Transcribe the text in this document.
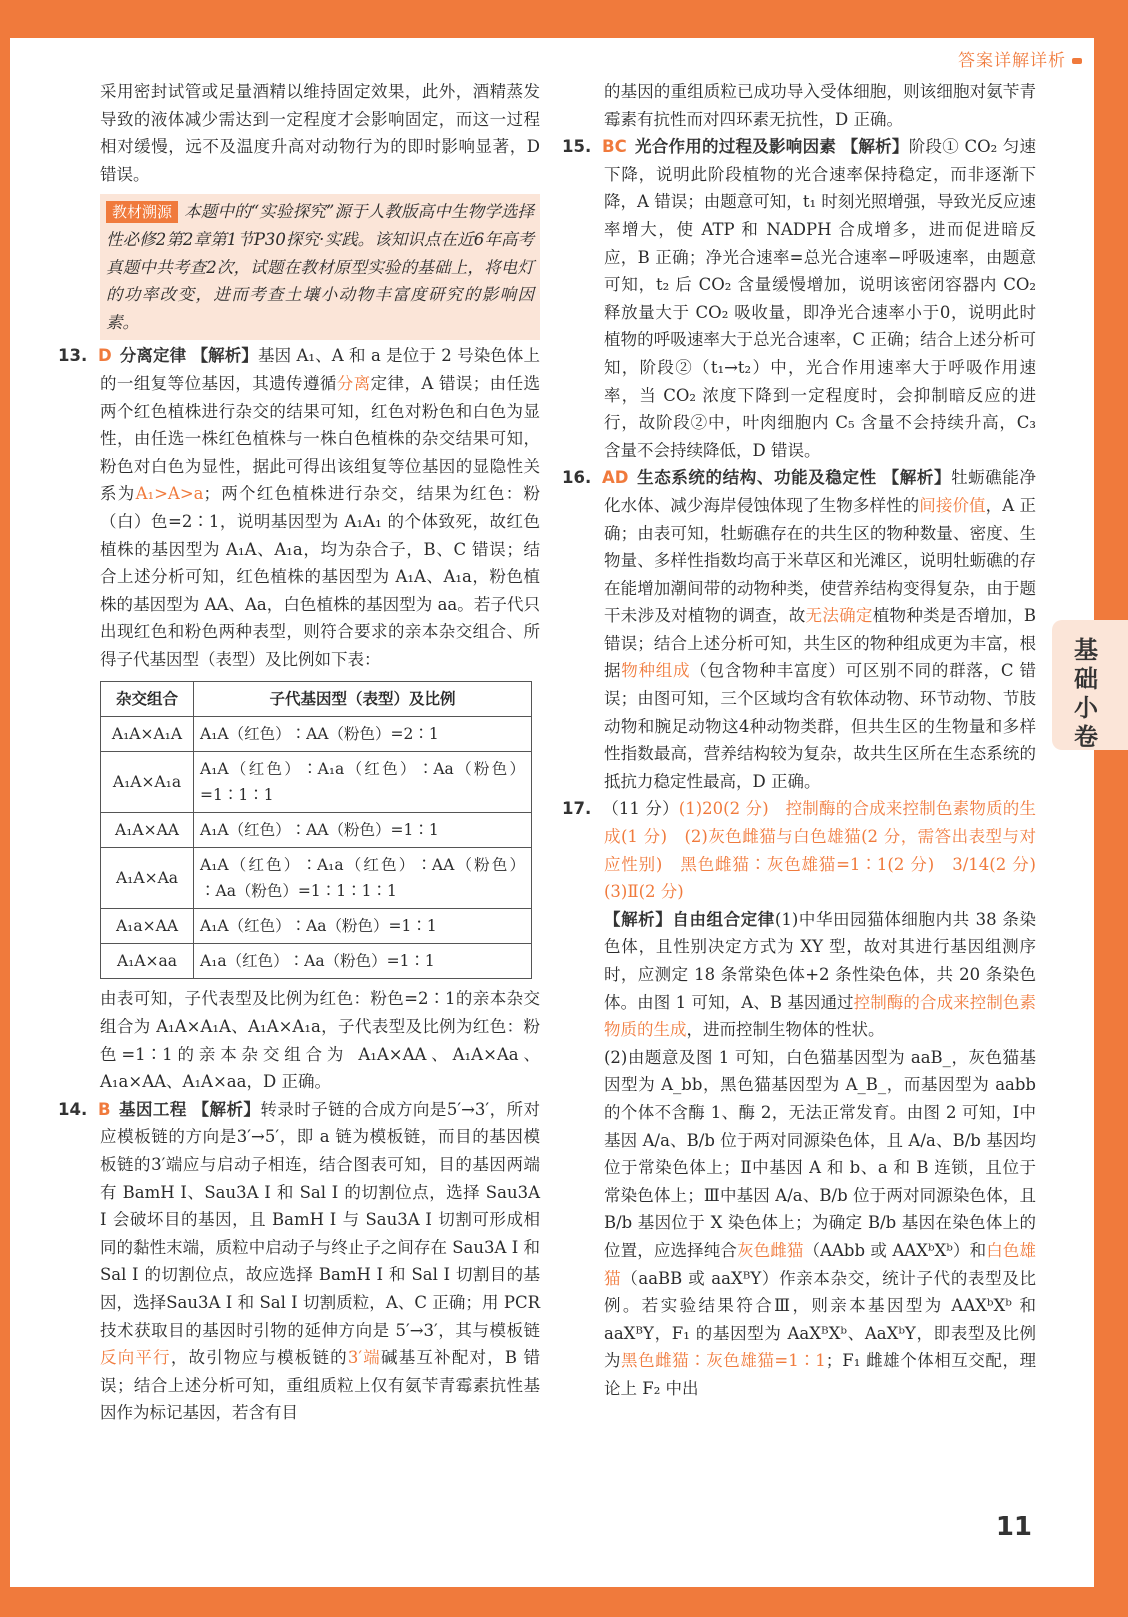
答案详解详析
基础小卷

采用密封试管或足量酒精以维持固定效果，此外，酒精蒸发导致的液体减少需达到一定程度才会影响固定，而这一过程相对缓慢，远不及温度升高对动物行为的即时影响显著，D 错误。

教材溯源 本题中的“实验探究”源于人教版高中生物学选择性必修2第2章第1节P30探究·实践。该知识点在近6年高考真题中共考查2次，试题在教材原型实验的基础上，将电灯的功率改变，进而考查土壤小动物丰富度研究的影响因素。

13. D 分离定律 【解析】基因 A₁、A 和 a 是位于 2 号染色体上的一组复等位基因，其遗传遵循分离定律，A 错误；由任选两个红色植株进行杂交的结果可知，红色对粉色和白色为显性，由任选一株红色植株与一株白色植株的杂交结果可知，粉色对白色为显性，据此可得出该组复等位基因的显隐性关系为A₁>A>a；两个红色植株进行杂交，结果为红色：粉（白）色=2∶1，说明基因型为 A₁A₁ 的个体致死，故红色植株的基因型为 A₁A、A₁a，均为杂合子，B、C 错误；结合上述分析可知，红色植株的基因型为 A₁A、A₁a，粉色植株的基因型为 AA、Aa，白色植株的基因型为 aa。若子代只出现红色和粉色两种表型，则符合要求的亲本杂交组合、所得子代基因型（表型）及比例如下表：

杂交组合	子代基因型（表型）及比例
A₁A×A₁A	A₁A（红色）∶AA（粉色）=2∶1
A₁A×A₁a	A₁A（红色）∶A₁a（红色）∶Aa（粉色）=1∶1∶1
A₁A×AA	A₁A（红色）∶AA（粉色）=1∶1
A₁A×Aa	A₁A（红色）∶A₁a（红色）∶AA（粉色）∶Aa（粉色）=1∶1∶1∶1
A₁a×AA	A₁A（红色）∶Aa（粉色）=1∶1
A₁A×aa	A₁a（红色）∶Aa（粉色）=1∶1

由表可知，子代表型及比例为红色：粉色=2∶1的亲本杂交组合为 A₁A×A₁A、A₁A×A₁a，子代表型及比例为红色：粉色=1∶1的亲本杂交组合为 A₁A×AA、A₁A×Aa、A₁a×AA、A₁A×aa，D 正确。

14. B 基因工程 【解析】转录时子链的合成方向是5′→3′，所对应模板链的方向是3′→5′，即 a 链为模板链，而目的基因模板链的3′端应与启动子相连，结合图表可知，目的基因两端有 BamH Ⅰ、Sau3A Ⅰ 和 Sal Ⅰ 的切割位点，选择 Sau3A Ⅰ 会破坏目的基因，且 BamH Ⅰ 与 Sau3A Ⅰ 切割可形成相同的黏性末端，质粒中启动子与终止子之间存在 Sau3A Ⅰ 和 Sal Ⅰ 的切割位点，故应选择 BamH Ⅰ 和 Sal Ⅰ 切割目的基因，选择Sau3A Ⅰ 和 Sal Ⅰ 切割质粒，A、C 正确；用 PCR 技术获取目的基因时引物的延伸方向是 5′→3′，其与模板链反向平行，故引物应与模板链的3′端碱基互补配对，B 错误；结合上述分析可知，重组质粒上仅有氨苄青霉素抗性基因作为标记基因，若含有目

的基因的重组质粒已成功导入受体细胞，则该细胞对氨苄青霉素有抗性而对四环素无抗性，D 正确。

15. BC 光合作用的过程及影响因素 【解析】阶段① CO₂ 匀速下降，说明此阶段植物的光合速率保持稳定，而非逐渐下降，A 错误；由题意可知，t₁ 时刻光照增强，导致光反应速率增大，使 ATP 和 NADPH 合成增多，进而促进暗反应，B 正确；净光合速率=总光合速率−呼吸速率，由题意可知，t₂ 后 CO₂ 含量缓慢增加，说明该密闭容器内 CO₂ 释放量大于 CO₂ 吸收量，即净光合速率小于0，说明此时植物的呼吸速率大于总光合速率，C 正确；结合上述分析可知，阶段②（t₁→t₂）中，光合作用速率大于呼吸作用速率，当 CO₂ 浓度下降到一定程度时，会抑制暗反应的进行，故阶段②中，叶肉细胞内 C₅ 含量不会持续升高，C₃ 含量不会持续降低，D 错误。

16. AD 生态系统的结构、功能及稳定性 【解析】牡蛎礁能净化水体、减少海岸侵蚀体现了生物多样性的间接价值，A 正确；由表可知，牡蛎礁存在的共生区的物种数量、密度、生物量、多样性指数均高于米草区和光滩区，说明牡蛎礁的存在能增加潮间带的动物种类，使营养结构变得复杂，由于题干未涉及对植物的调查，故无法确定植物种类是否增加，B 错误；结合上述分析可知，共生区的物种组成更为丰富，根据物种组成（包含物种丰富度）可区别不同的群落，C 错误；由图可知，三个区域均含有软体动物、环节动物、节肢动物和腕足动物这4种动物类群，但共生区的生物量和多样性指数最高，营养结构较为复杂，故共生区所在生态系统的抵抗力稳定性最高，D 正确。

17. （11 分）(1)20(2 分)　控制酶的合成来控制色素物质的生成(1 分)　(2)灰色雌猫与白色雄猫(2 分，需答出表型与对应性别)　黑色雌猫∶灰色雄猫=1∶1(2 分)　3/14(2 分)　(3)Ⅱ(2 分)

【解析】自由组合定律(1)中华田园猫体细胞内共 38 条染色体，且性别决定方式为 XY 型，故对其进行基因组测序时，应测定 18 条常染色体+2 条性染色体，共 20 条染色体。由图 1 可知，A、B 基因通过控制酶的合成来控制色素物质的生成，进而控制生物体的性状。

(2)由题意及图 1 可知，白色猫基因型为 aaB_，灰色猫基因型为 A_bb，黑色猫基因型为 A_B_，而基因型为 aabb 的个体不含酶 1、酶 2，无法正常发育。由图 2 可知，Ⅰ中基因 A/a、B/b 位于两对同源染色体，且 A/a、B/b 基因均位于常染色体上；Ⅱ中基因 A 和 b、a 和 B 连锁，且位于常染色体上；Ⅲ中基因 A/a、B/b 位于两对同源染色体，且 B/b 基因位于 X 染色体上；为确定 B/b 基因在染色体上的位置，应选择纯合灰色雌猫（AAbb 或 AAXᵇXᵇ）和白色雄猫（aaBB 或 aaXᴮY）作亲本杂交，统计子代的表型及比例。若实验结果符合Ⅲ，则亲本基因型为 AAXᵇXᵇ 和 aaXᴮY，F₁ 的基因型为 AaXᴮXᵇ、AaXᵇY，即表型及比例为黑色雌猫∶灰色雄猫=1∶1；F₁ 雌雄个体相互交配，理论上 F₂ 中出

11
